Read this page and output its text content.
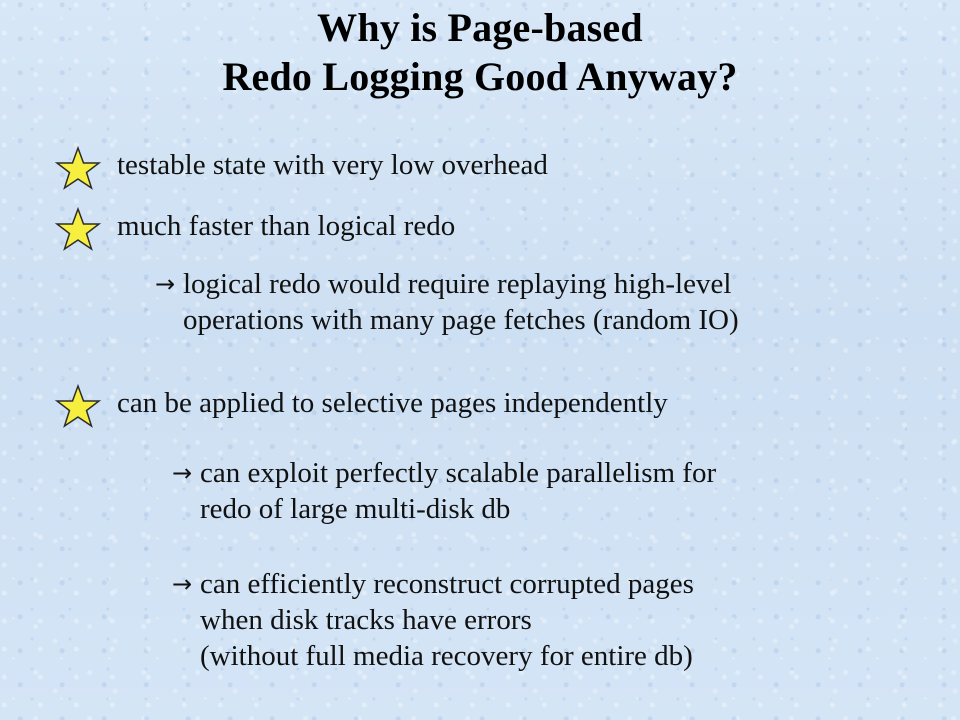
Why is Page-based
Redo Logging Good Anyway?
testable state with very low overhead
much faster than logical redo
→ logical redo would require replaying high-level
operations with many page fetches (random IO)
can be applied to selective pages independently
→ can exploit perfectly scalable parallelism for
redo of large multi-disk db
→ can efficiently reconstruct corrupted pages
when disk tracks have errors
(without full media recovery for entire db)
